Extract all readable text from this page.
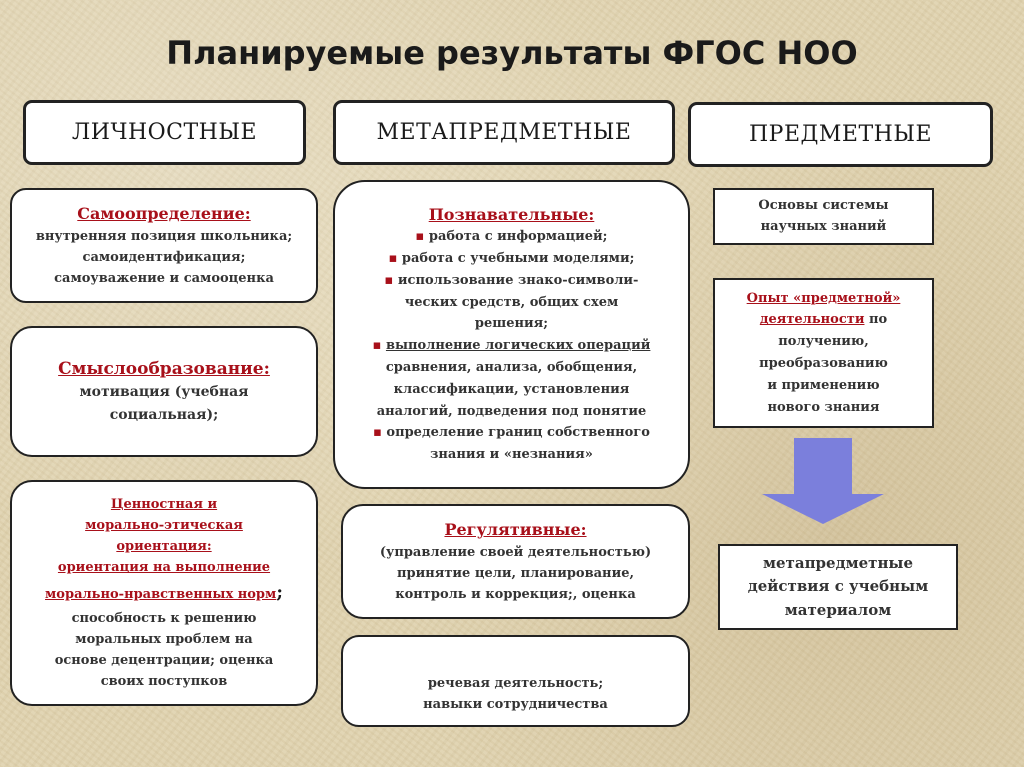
Планируемые результаты ФГОС НОО
ЛИЧНОСТНЫЕ	МЕТАПРЕДМЕТНЫЕ	ПРЕДМЕТНЫЕ
Самоопределение:
внутренняя позиция школьника;
самоидентификация;
самоуважение и самооценка
Смыслообразование:
мотивация (учебная
социальная);
Ценностная и
морально-этическая
ориентация:
ориентация на выполнение
морально-нравственных норм;
способность к решению
моральных проблем на
основе децентрации; оценка
своих поступков
Познавательные:
▪ работа с информацией;
▪ работа с учебными моделями;
▪ использование знако-символи-
ческих средств, общих схем
решения;
▪ выполнение логических операций
сравнения, анализа, обобщения,
классификации, установления
аналогий, подведения под понятие
▪ определение границ собственного
знания и «незнания»
Регулятивные:
(управление своей деятельностью)
принятие цели, планирование,
контроль и коррекция;, оценка
речевая деятельность;
навыки сотрудничества
Основы системы
научных знаний
Опыт «предметной»
деятельности по
получению,
преобразованию
и применению
нового знания
метапредметные
действия с учебным
материалом
